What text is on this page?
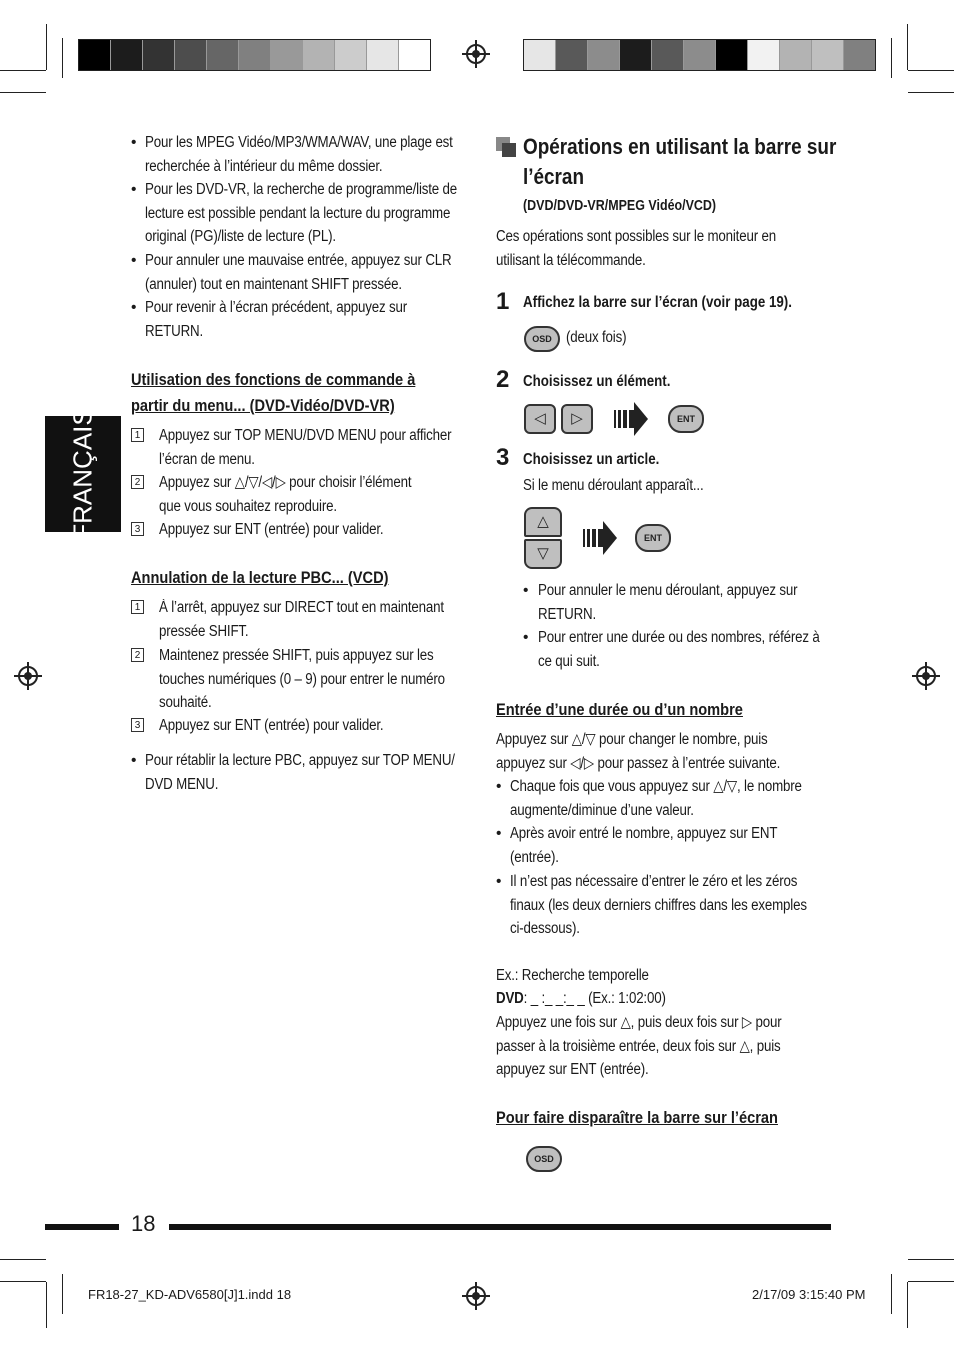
FRANÇAIS
• Pour les MPEG Vidéo/MP3/WMA/WAV, une plage est
recherchée à l’intérieur du même dossier.
• Pour les DVD-VR, la recherche de programme/liste de
lecture est possible pendant la lecture du programme
original (PG)/liste de lecture (PL).
• Pour annuler une mauvaise entrée, appuyez sur CLR
(annuler) tout en maintenant SHIFT pressée.
• Pour revenir à l’écran précédent, appuyez sur
RETURN.
Utilisation des fonctions de commande à
partir du menu... (DVD-Vidéo/DVD-VR)
1 Appuyez sur TOP MENU/DVD MENU pour afficher
l’écran de menu.
2 Appuyez sur △/▽/◁/▷ pour choisir l’élément
que vous souhaitez reproduire.
3 Appuyez sur ENT (entrée) pour valider.
Annulation de la lecture PBC... (VCD)
1 À l’arrêt, appuyez sur DIRECT tout en maintenant
pressée SHIFT.
2 Maintenez pressée SHIFT, puis appuyez sur les
touches numériques (0 – 9) pour entrer le numéro
souhaité.
3 Appuyez sur ENT (entrée) pour valider.
• Pour rétablir la lecture PBC, appuyez sur TOP MENU/
DVD MENU.
Opérations en utilisant la barre sur
l’écran
(DVD/DVD-VR/MPEG Vidéo/VCD)
Ces opérations sont possibles sur le moniteur en
utilisant la télécommande.
1 Affichez la barre sur l’écran (voir page 19).
OSD (deux fois)
2 Choisissez un élément.
◁	▷	ENT
3 Choisissez un article.
Si le menu déroulant apparaît...
△
▽
ENT
• Pour annuler le menu déroulant, appuyez sur
RETURN.
• Pour entrer une durée ou des nombres, référez à
ce qui suit.
Entrée d’une durée ou d’un nombre
Appuyez sur △/▽ pour changer le nombre, puis
appuyez sur ◁/▷ pour passez à l’entrée suivante.
• Chaque fois que vous appuyez sur △/▽, le nombre
augmente/diminue d’une valeur.
• Après avoir entré le nombre, appuyez sur ENT
(entrée).
• Il n’est pas nécessaire d’entrer le zéro et les zéros
finaux (les deux derniers chiffres dans les exemples
ci-dessous).
Ex.: Recherche temporelle
DVD: _ :_ _:_ _ (Ex.: 1:02:00)
Appuyez une fois sur △, puis deux fois sur ▷ pour
passer à la troisième entrée, deux fois sur △, puis
appuyez sur ENT (entrée).
Pour faire disparaître la barre sur l’écran
OSD
18
FR18-27_KD-ADV6580[J]1.indd 18	2/17/09 3:15:40 PM
